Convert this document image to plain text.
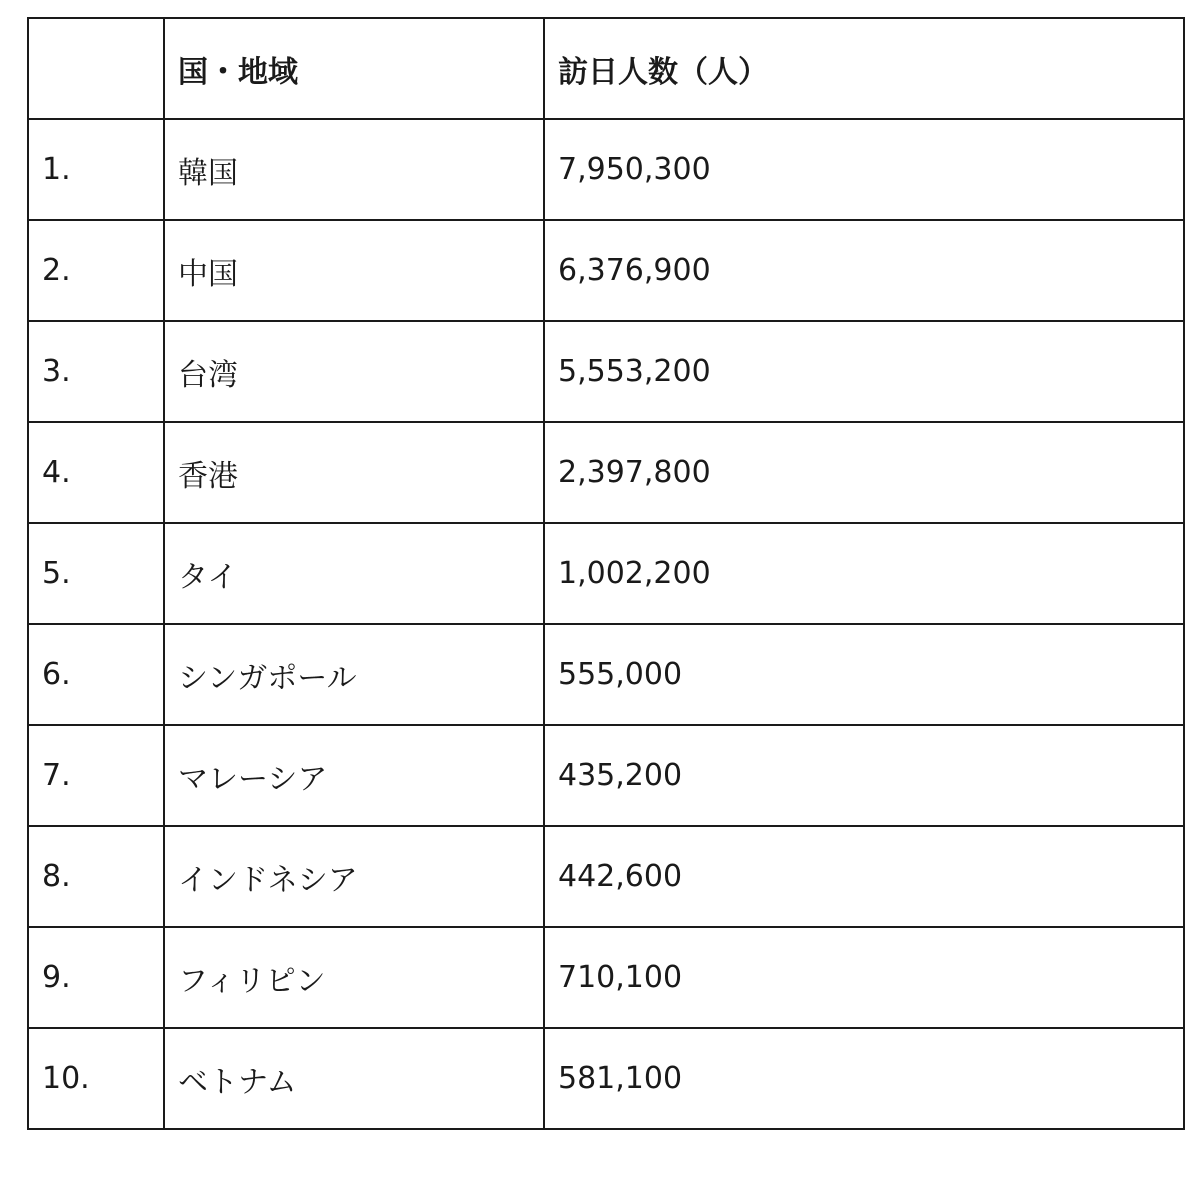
	国・地域	訪日人数（人）
1.	韓国	7,950,300
2.	中国	6,376,900
3.	台湾	5,553,200
4.	香港	2,397,800
5.	タイ	1,002,200
6.	シンガポール	555,000
7.	マレーシア	435,200
8.	インドネシア	442,600
9.	フィリピン	710,100
10.	ベトナム	581,100
